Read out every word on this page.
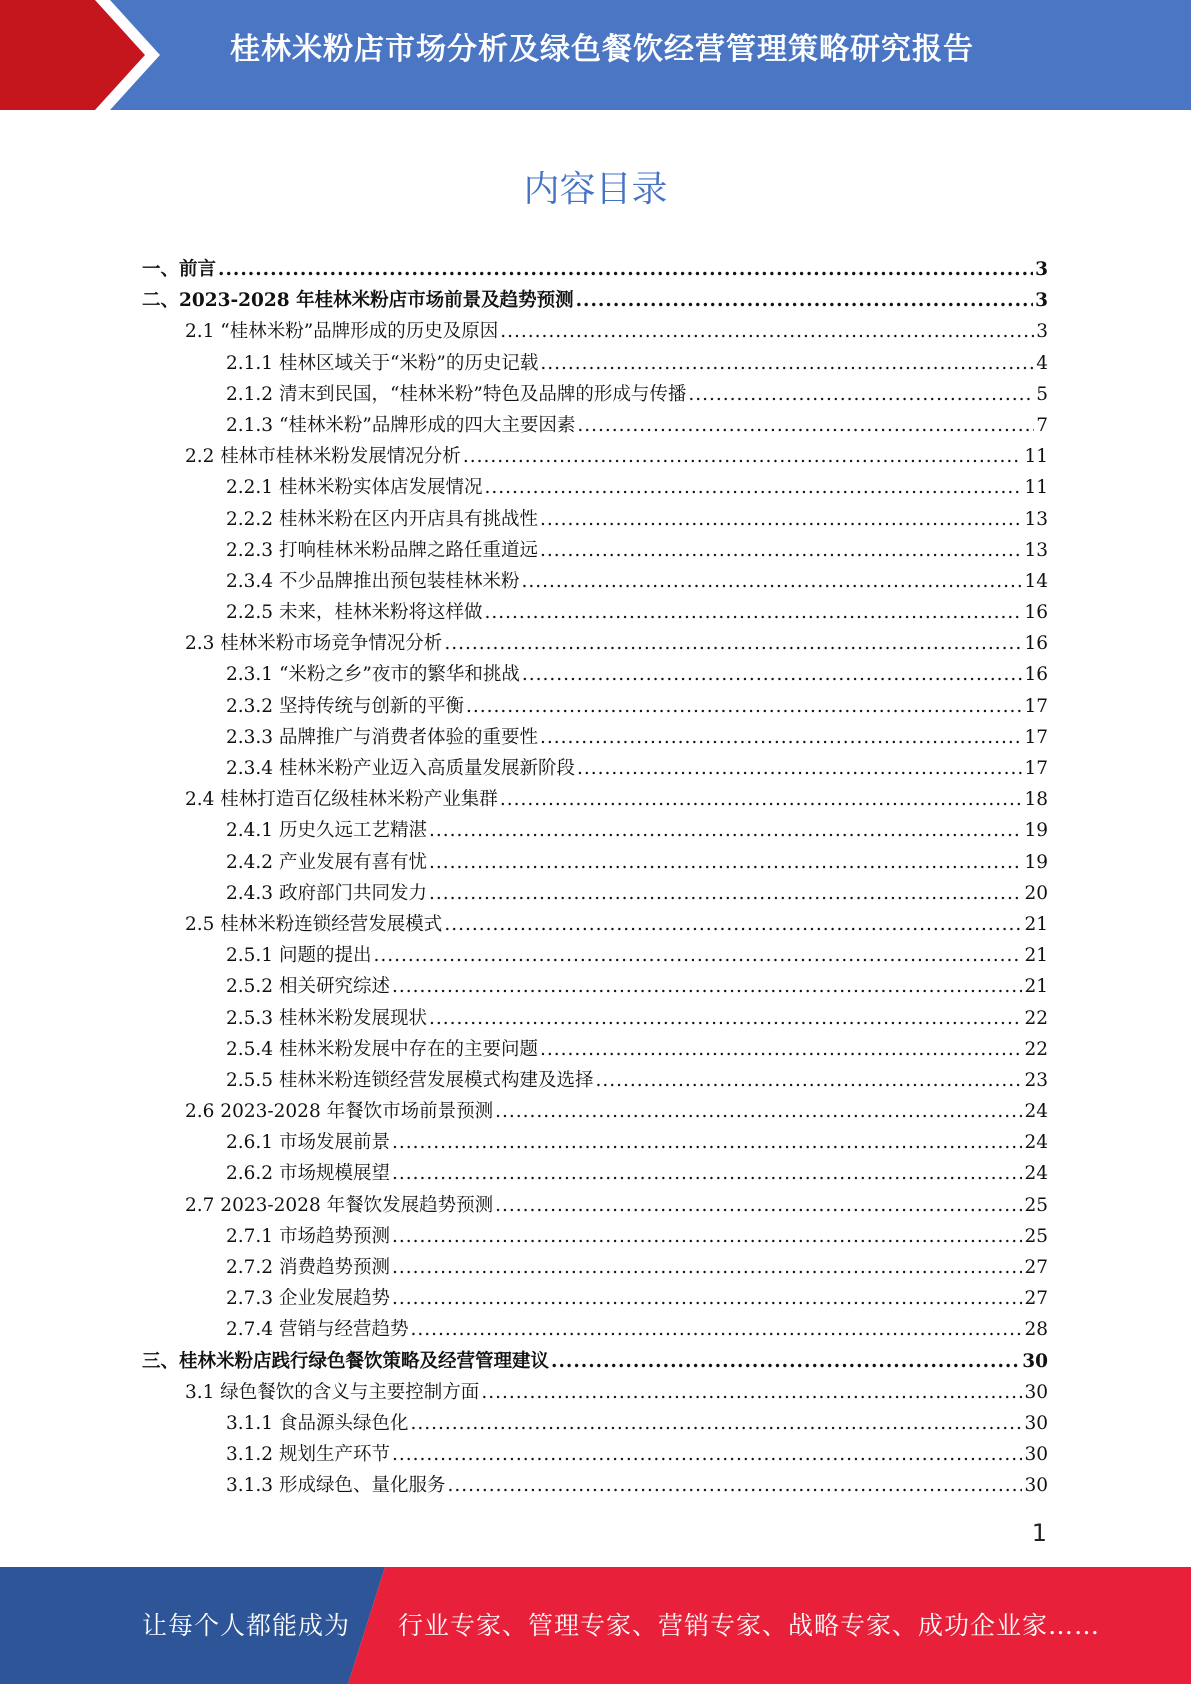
桂林米粉店市场分析及绿色餐饮经营管理策略研究报告
内容目录
一、前言 .....	3
二、2023-2028 年桂林米粉店市场前景及趋势预测 .....	3
2.1 “桂林米粉”品牌形成的历史及原因 .....	3
2.1.1 桂林区域关于“米粉”的历史记载 .....	4
2.1.2 清末到民国，“桂林米粉”特色及品牌的形成与传播 .....	5
2.1.3 “桂林米粉”品牌形成的四大主要因素 .....	7
2.2 桂林市桂林米粉发展情况分析 .....	11
2.2.1 桂林米粉实体店发展情况 .....	11
2.2.2 桂林米粉在区内开店具有挑战性 .....	13
2.2.3 打响桂林米粉品牌之路任重道远 .....	13
2.3.4 不少品牌推出预包装桂林米粉 .....	14
2.2.5 未来，桂林米粉将这样做 .....	16
2.3 桂林米粉市场竞争情况分析 .....	16
2.3.1 “米粉之乡”夜市的繁华和挑战 .....	16
2.3.2 坚持传统与创新的平衡 .....	17
2.3.3 品牌推广与消费者体验的重要性 .....	17
2.3.4 桂林米粉产业迈入高质量发展新阶段 .....	17
2.4 桂林打造百亿级桂林米粉产业集群 .....	18
2.4.1 历史久远工艺精湛 .....	19
2.4.2 产业发展有喜有忧 .....	19
2.4.3 政府部门共同发力 .....	20
2.5 桂林米粉连锁经营发展模式 .....	21
2.5.1 问题的提出 .....	21
2.5.2 相关研究综述 .....	21
2.5.3 桂林米粉发展现状 .....	22
2.5.4 桂林米粉发展中存在的主要问题 .....	22
2.5.5 桂林米粉连锁经营发展模式构建及选择 .....	23
2.6 2023-2028 年餐饮市场前景预测 .....	24
2.6.1 市场发展前景 .....	24
2.6.2 市场规模展望 .....	24
2.7 2023-2028 年餐饮发展趋势预测 .....	25
2.7.1 市场趋势预测 .....	25
2.7.2 消费趋势预测 .....	27
2.7.3 企业发展趋势 .....	27
2.7.4 营销与经营趋势 .....	28
三、桂林米粉店践行绿色餐饮策略及经营管理建议 .....	30
3.1 绿色餐饮的含义与主要控制方面 .....	30
3.1.1 食品源头绿色化 .....	30
3.1.2 规划生产环节 .....	30
3.1.3 形成绿色、量化服务 .....	30
1
让每个人都能成为 行业专家、管理专家、营销专家、战略专家、成功企业家……
